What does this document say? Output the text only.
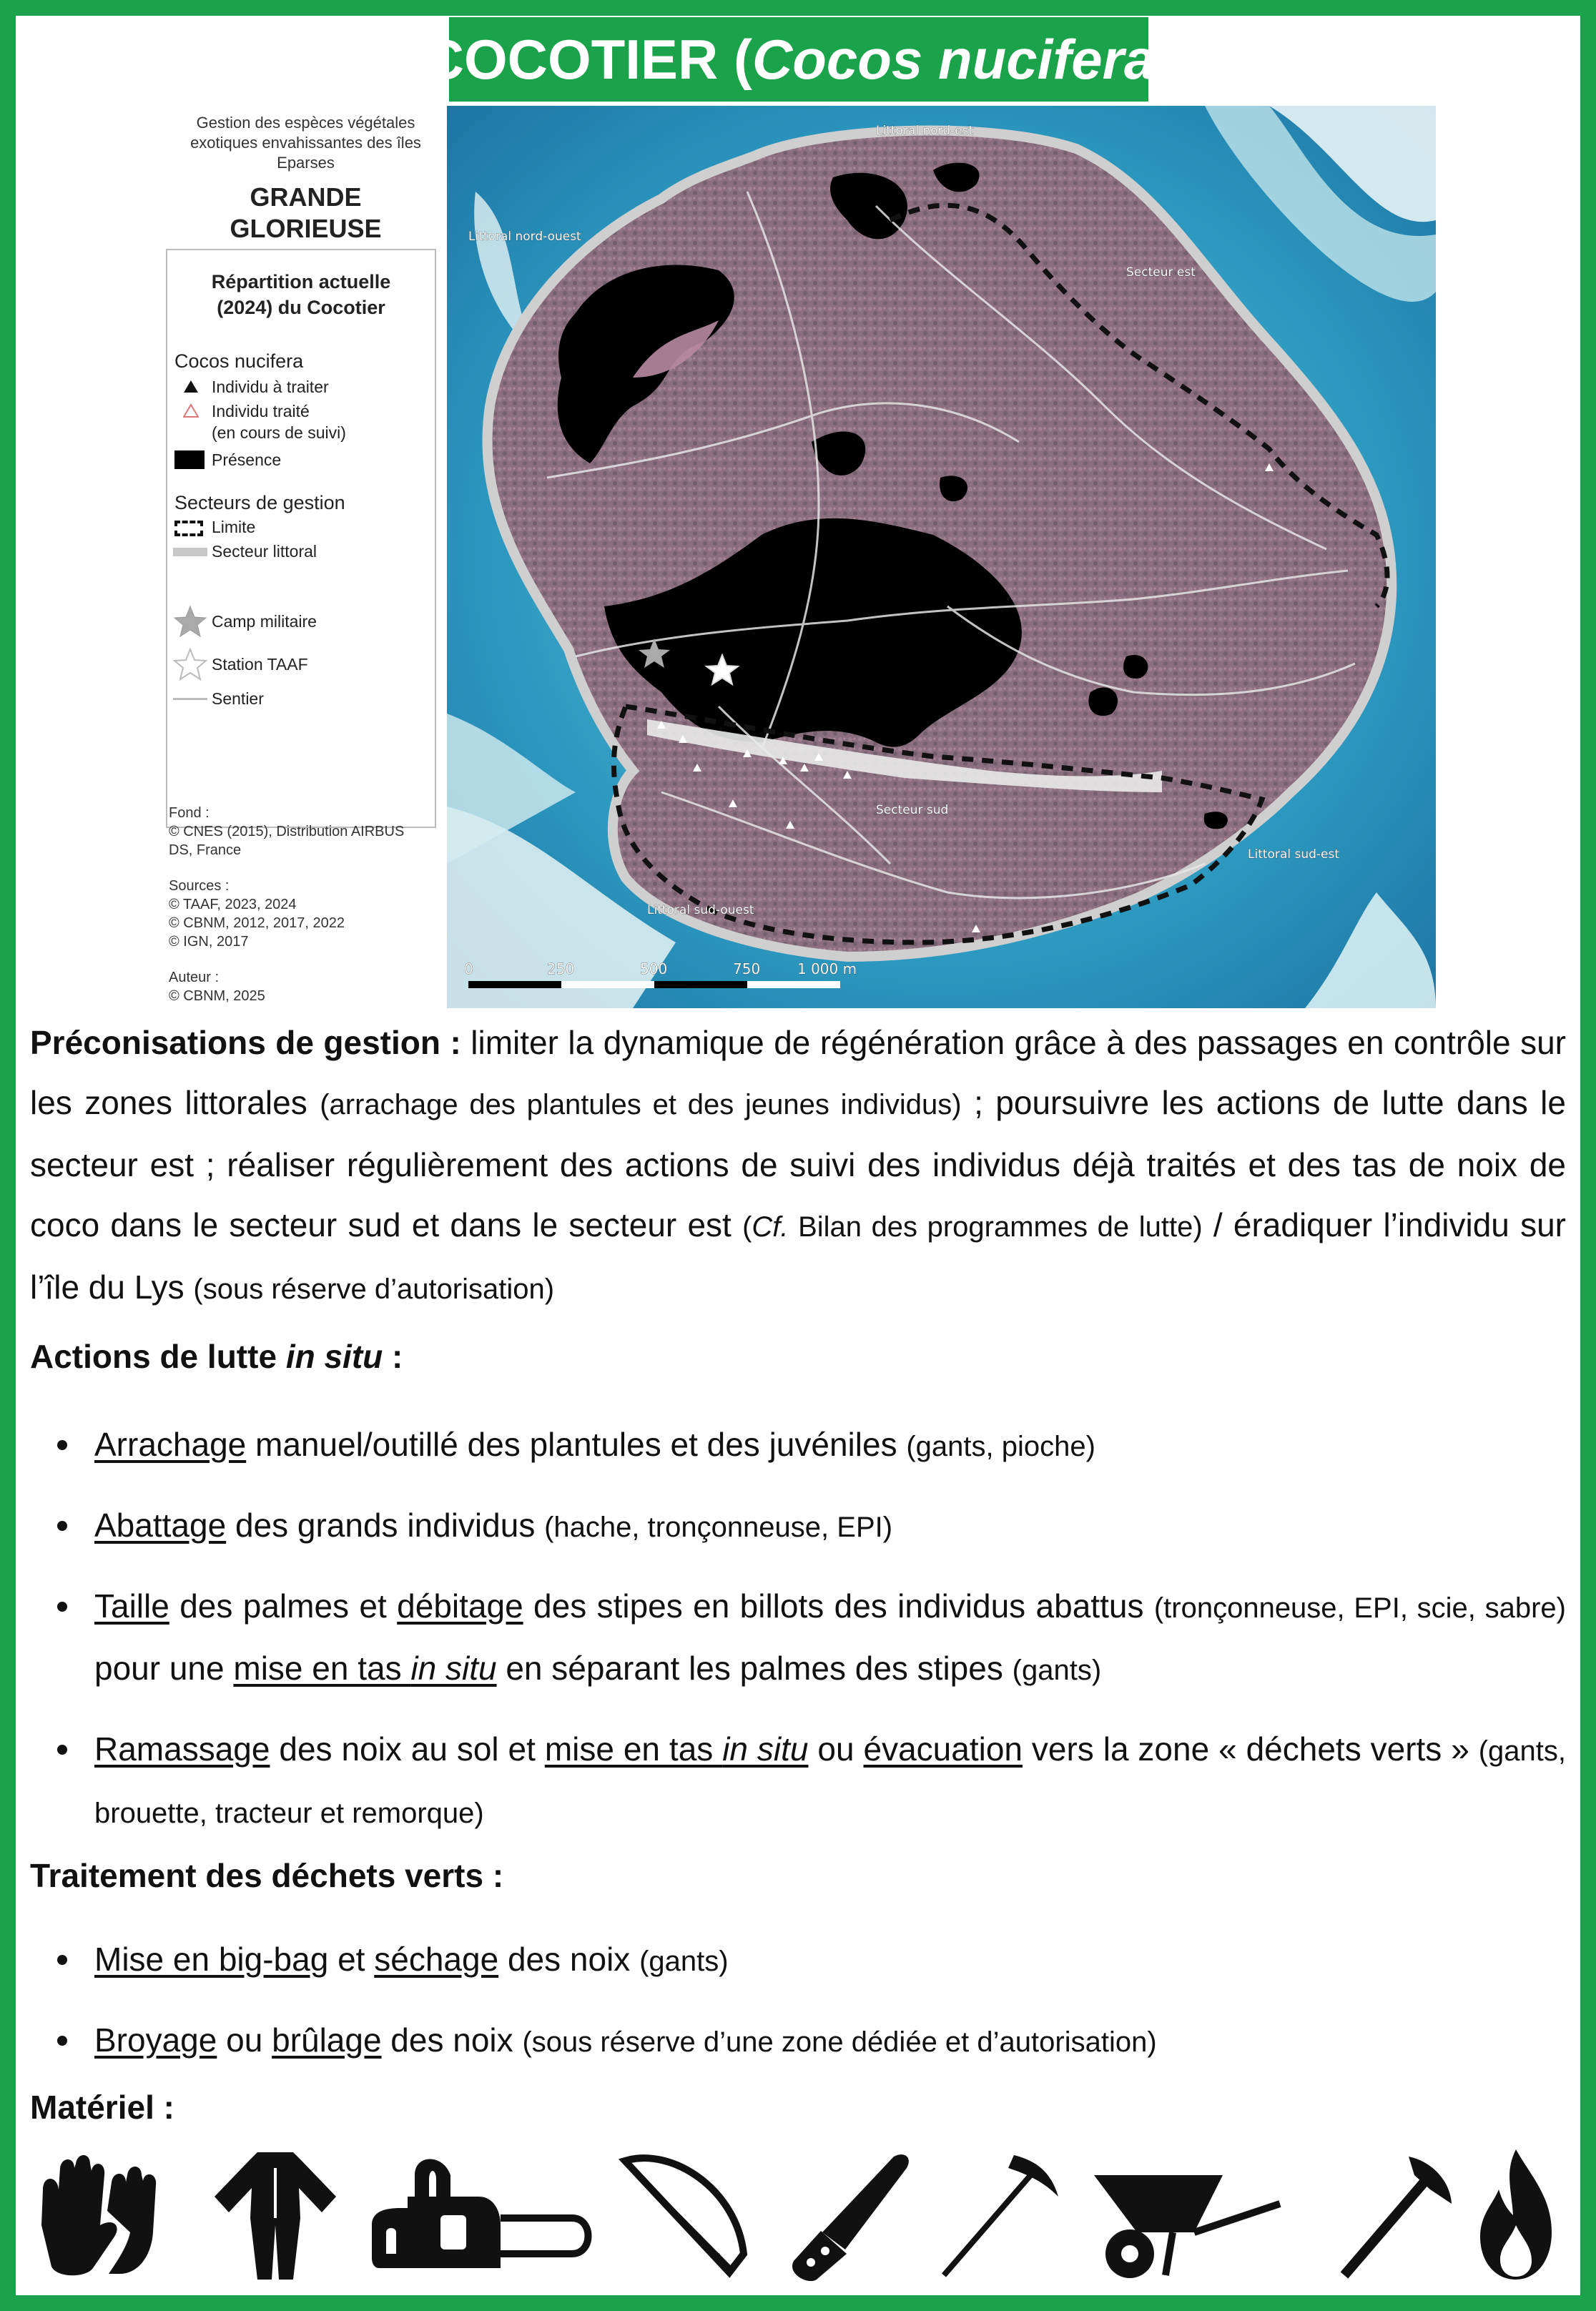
COCOTIER ( Cocos nucifera )
Gestion des espèces végétales
exotiques envahissantes des îles Eparses
GRANDE
GLORIEUSE
Répartition actuelle
(2024) du Cocotier
Cocos nucifera
Individu à traiter
Individu traité
(en cours de suivi)
Présence
Secteurs de gestion
Limite
Secteur littoral
Camp militaire
Station TAAF
Sentier
Fond :
© CNES (2015), Distribution AIRBUS
DS, France
Sources :
© TAAF, 2023, 2024
© CBNM, 2012, 2017, 2022
© IGN, 2017
Auteur :
© CBNM, 2025
Littoral nord-est
Littoral nord-ouest
Secteur est
Secteur sud
Littoral sud-est
Littoral sud-ouest
0	250	500	750	1 000 m
Préconisations de gestion : limiter la dynamique de régénération grâce à des passages en contrôle sur les zones littorales (arrachage des plantules et des jeunes individus) ; poursuivre les actions de lutte dans le secteur est ; réaliser régulièrement des actions de suivi des individus déjà traités et des tas de noix de coco dans le secteur sud et dans le secteur est (Cf. Bilan des programmes de lutte) / éradiquer l’individu sur l’île du Lys (sous réserve d’autorisation)
Actions de lutte in situ :
Arrachage manuel/outillé des plantules et des juvéniles (gants, pioche)
Abattage des grands individus (hache, tronçonneuse, EPI)
Taille des palmes et débitage des stipes en billots des individus abattus (tronçonneuse, EPI, scie, sabre) pour une mise en tas in situ en séparant les palmes des stipes (gants)
Ramassage des noix au sol et mise en tas in situ ou évacuation vers la zone « déchets verts » (gants, brouette, tracteur et remorque)
Traitement des déchets verts :
Mise en big-bag et séchage des noix (gants)
Broyage ou brûlage des noix (sous réserve d’une zone dédiée et d’autorisation)
Matériel :
